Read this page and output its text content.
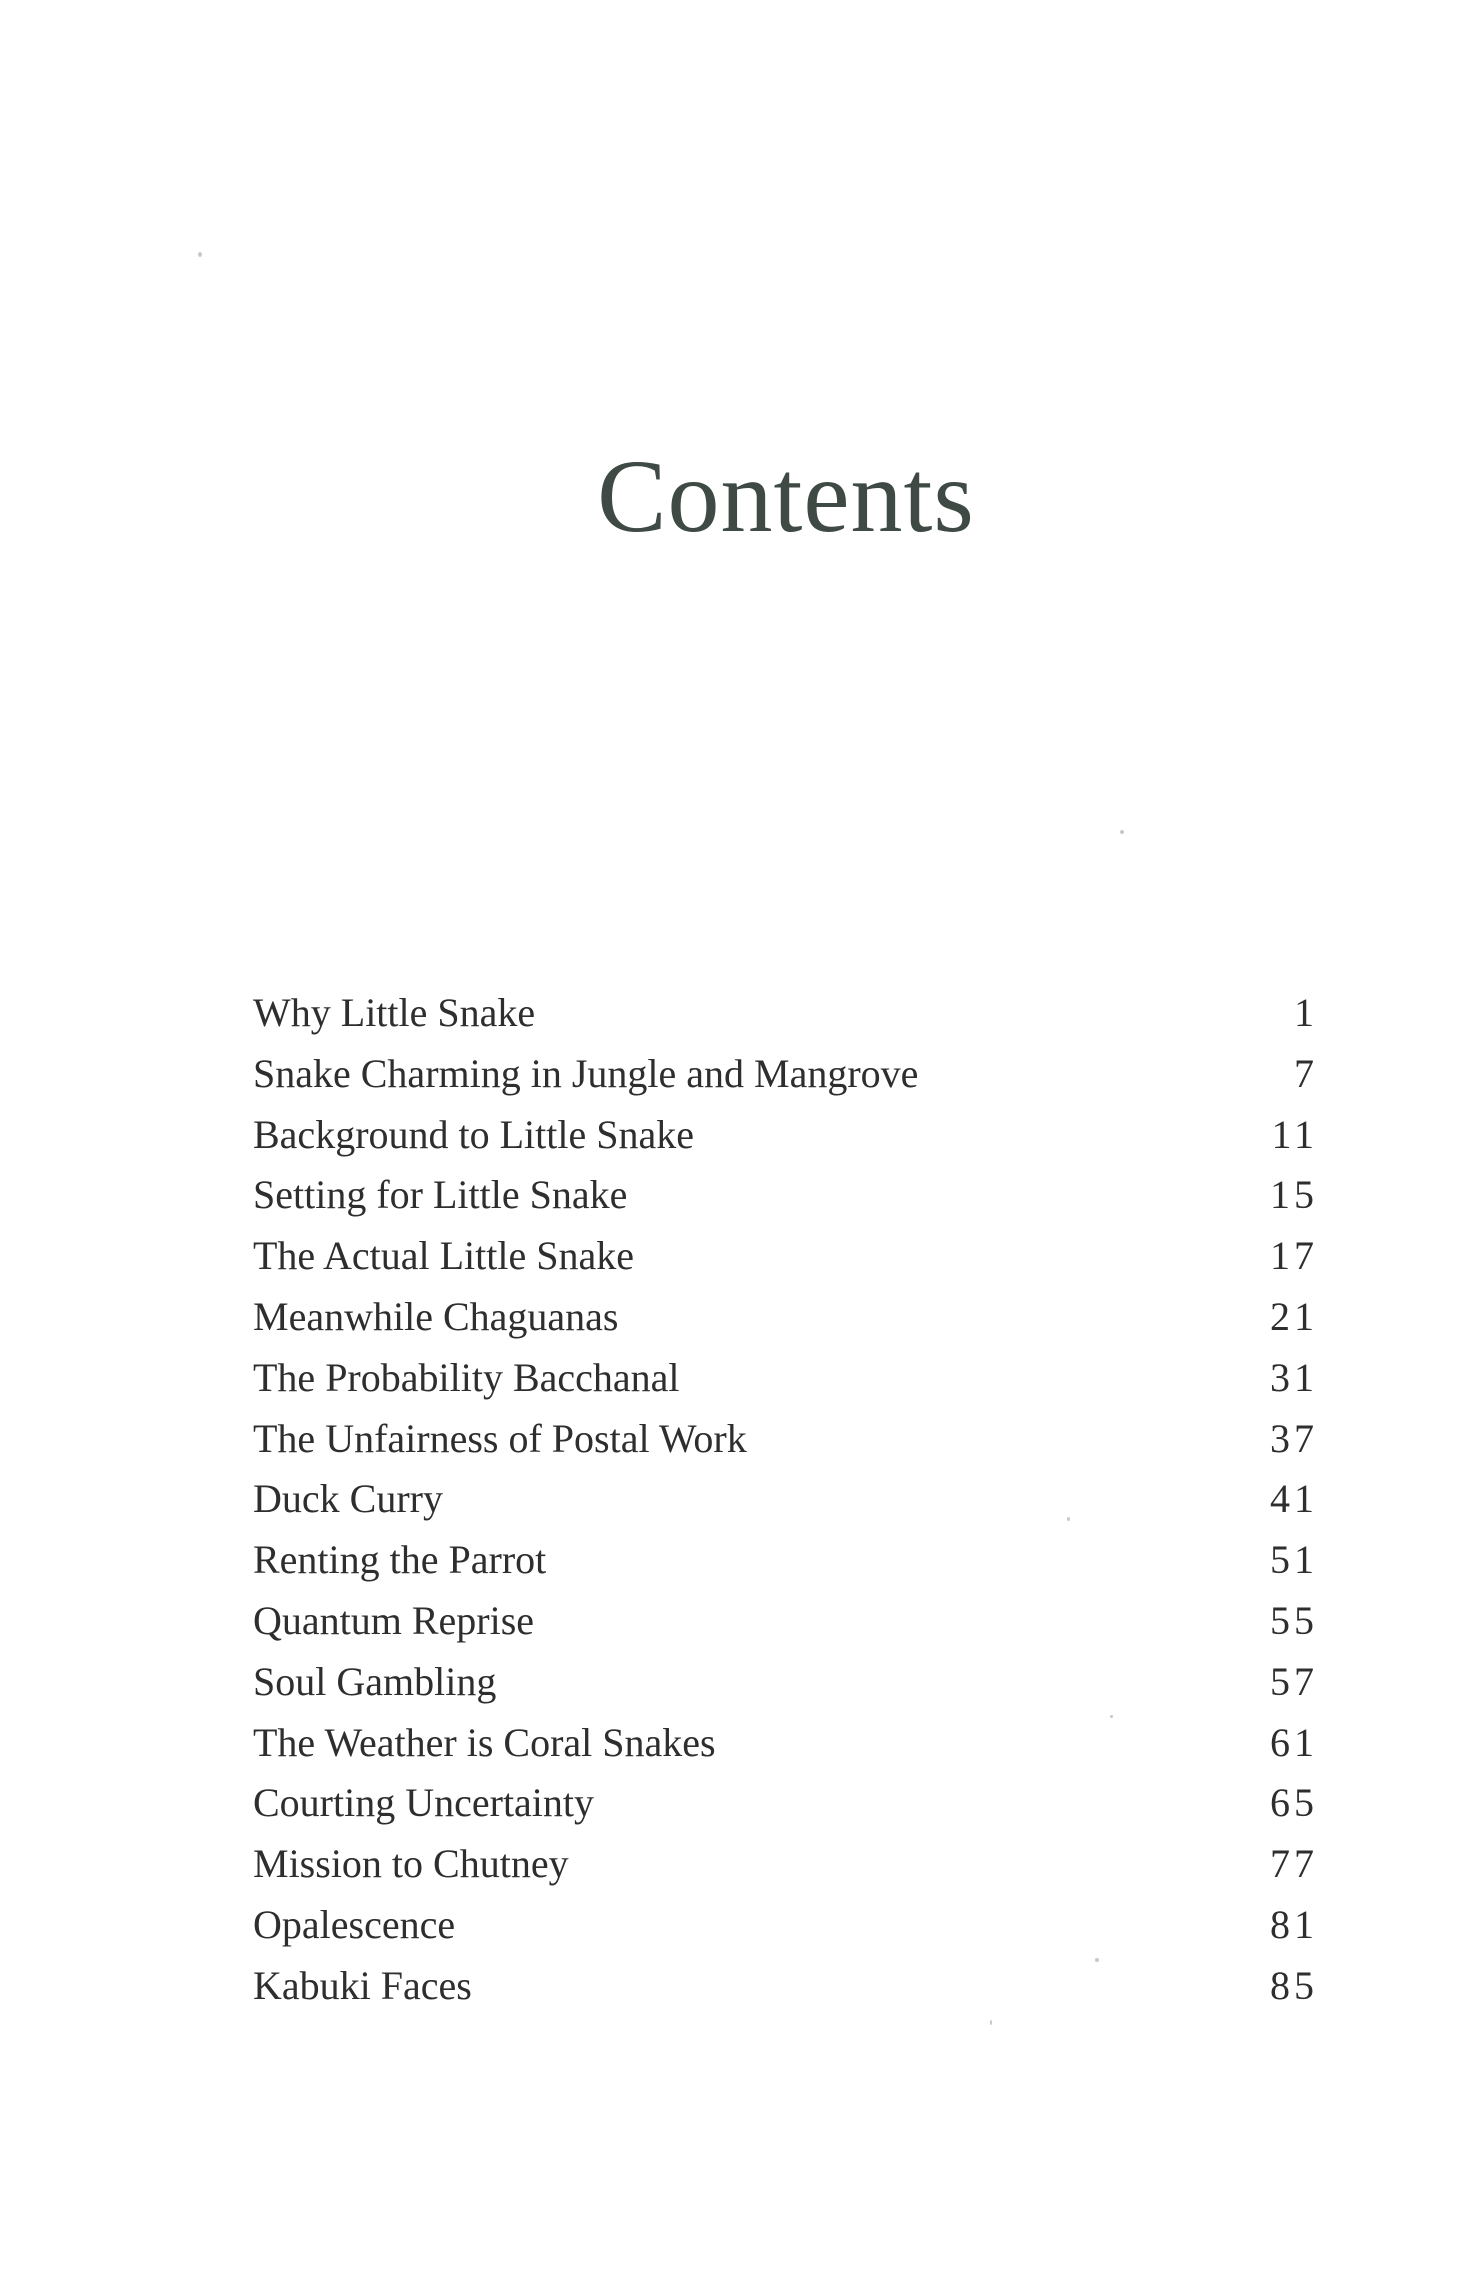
Contents
Why Little Snake	1
Snake Charming in Jungle and Mangrove	7
Background to Little Snake	11
Setting for Little Snake	15
The Actual Little Snake	17
Meanwhile Chaguanas	21
The Probability Bacchanal	31
The Unfairness of Postal Work	37
Duck Curry	41
Renting the Parrot	51
Quantum Reprise	55
Soul Gambling	57
The Weather is Coral Snakes	61
Courting Uncertainty	65
Mission to Chutney	77
Opalescence	81
Kabuki Faces	85
